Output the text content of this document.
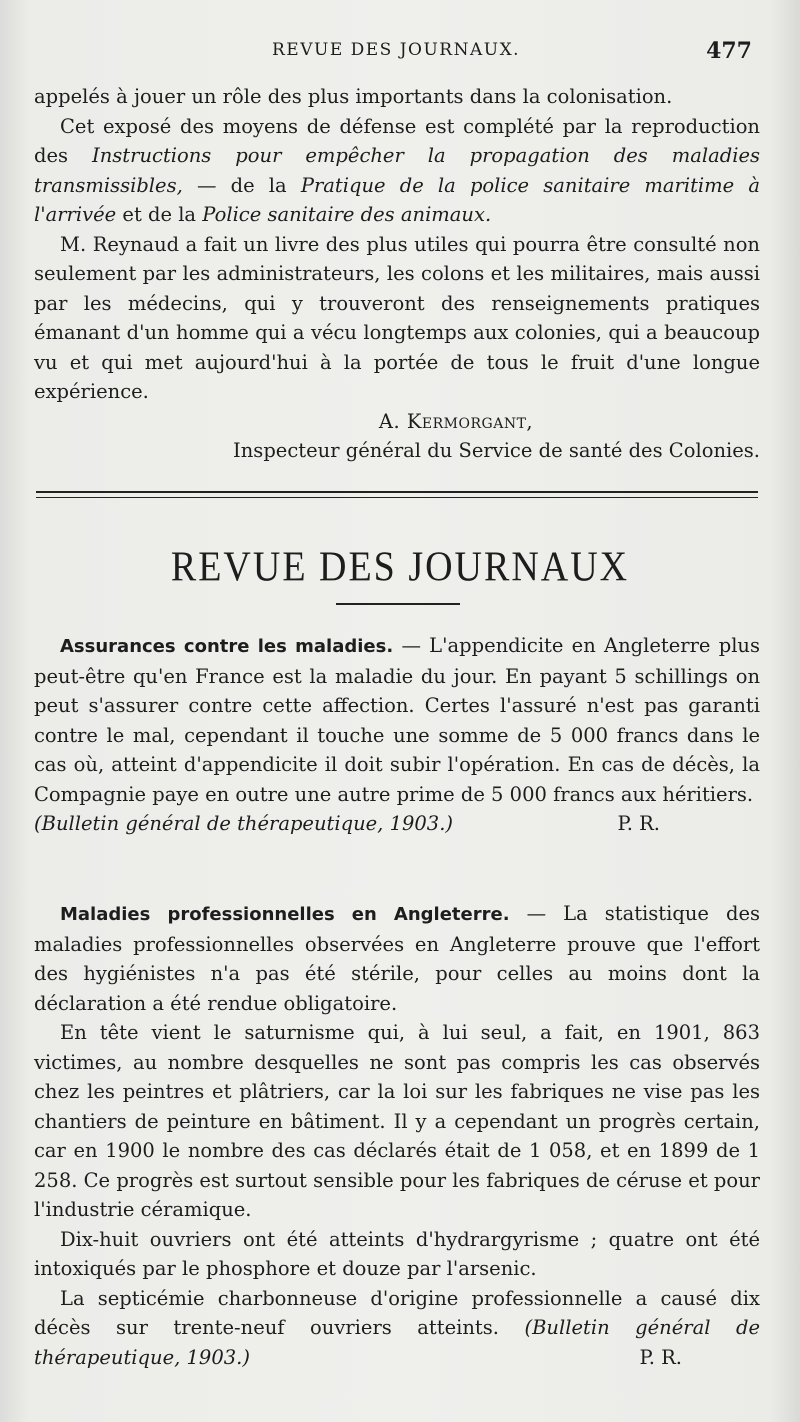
REVUE DES JOURNAUX.	477

appelés à jouer un rôle des plus importants dans la colonisation.

Cet exposé des moyens de défense est complété par la reproduction des Instructions pour empêcher la propagation des maladies transmissibles, — de la Pratique de la police sanitaire maritime à l'arrivée et de la Police sanitaire des animaux.

M. Reynaud a fait un livre des plus utiles qui pourra être consulté non seulement par les administrateurs, les colons et les militaires, mais aussi par les médecins, qui y trouveront des renseignements pratiques émanant d'un homme qui a vécu longtemps aux colonies, qui a beaucoup vu et qui met aujourd'hui à la portée de tous le fruit d'une longue expérience.

A. Kermorgant,

Inspecteur général du Service de santé des Colonies.

REVUE DES JOURNAUX

Assurances contre les maladies. — L'appendicite en Angleterre plus peut-être qu'en France est la maladie du jour. En payant 5 schillings on peut s'assurer contre cette affection. Certes l'assuré n'est pas garanti contre le mal, cependant il touche une somme de 5 000 francs dans le cas où, atteint d'appendicite il doit subir l'opération. En cas de décès, la Compagnie paye en outre une autre prime de 5 000 francs aux héritiers.

(Bulletin général de thérapeutique, 1903.)	P. R.

Maladies professionnelles en Angleterre. — La statistique des maladies professionnelles observées en Angleterre prouve que l'effort des hygiénistes n'a pas été stérile, pour celles au moins dont la déclaration a été rendue obligatoire.

En tête vient le saturnisme qui, à lui seul, a fait, en 1901, 863 victimes, au nombre desquelles ne sont pas compris les cas observés chez les peintres et plâtriers, car la loi sur les fabriques ne vise pas les chantiers de peinture en bâtiment. Il y a cependant un progrès certain, car en 1900 le nombre des cas déclarés était de 1 058, et en 1899 de 1 258. Ce progrès est surtout sensible pour les fabriques de céruse et pour l'industrie céramique.

Dix-huit ouvriers ont été atteints d'hydrargyrisme ; quatre ont été intoxiqués par le phosphore et douze par l'arsenic.

La septicémie charbonneuse d'origine professionnelle a causé dix décès sur trente-neuf ouvriers atteints. (Bulletin général de thérapeutique, 1903.)	P. R.
